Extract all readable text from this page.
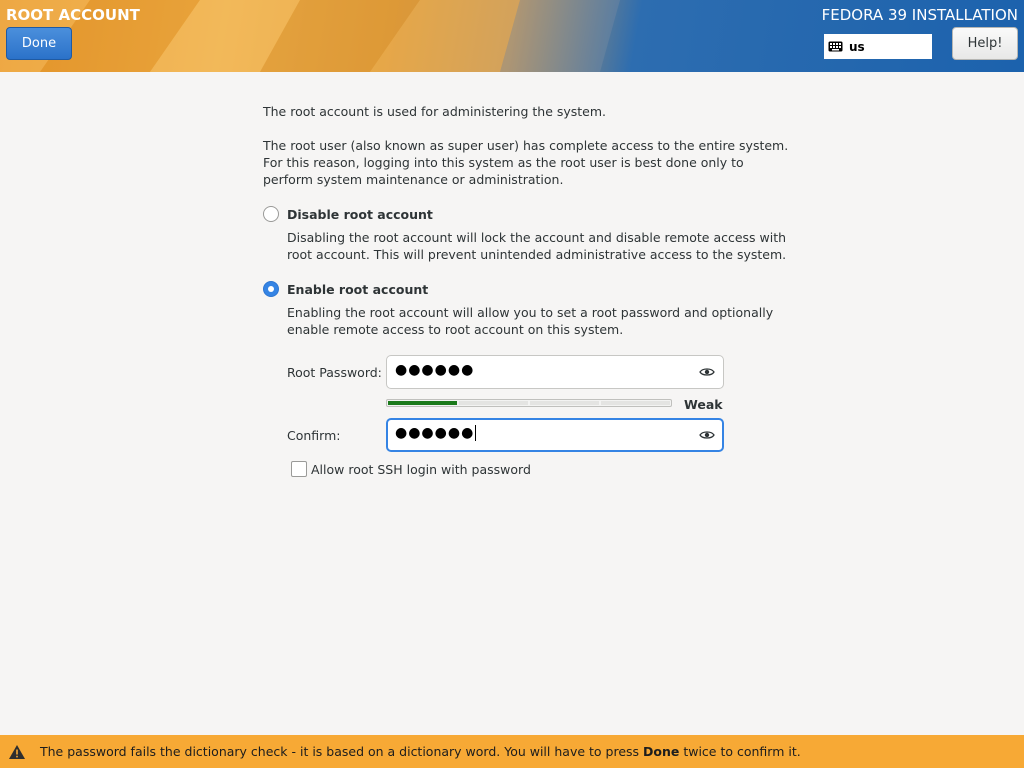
ROOT ACCOUNT
Done
FEDORA 39 INSTALLATION
us	Help!
The root account is used for administering the system.
The root user (also known as super user) has complete access to the entire system.
For this reason, logging into this system as the root user is best done only to
perform system maintenance or administration.
Disable root account
Disabling the root account will lock the account and disable remote access with
root account. This will prevent unintended administrative access to the system.
Enable root account
Enabling the root account will allow you to set a root password and optionally
enable remote access to root account on this system.
Root Password: ●●●●●●
Weak
Confirm:	●●●●●●
Allow root SSH login with password
The password fails the dictionary check - it is based on a dictionary word. You will have to press Done twice to confirm it.
